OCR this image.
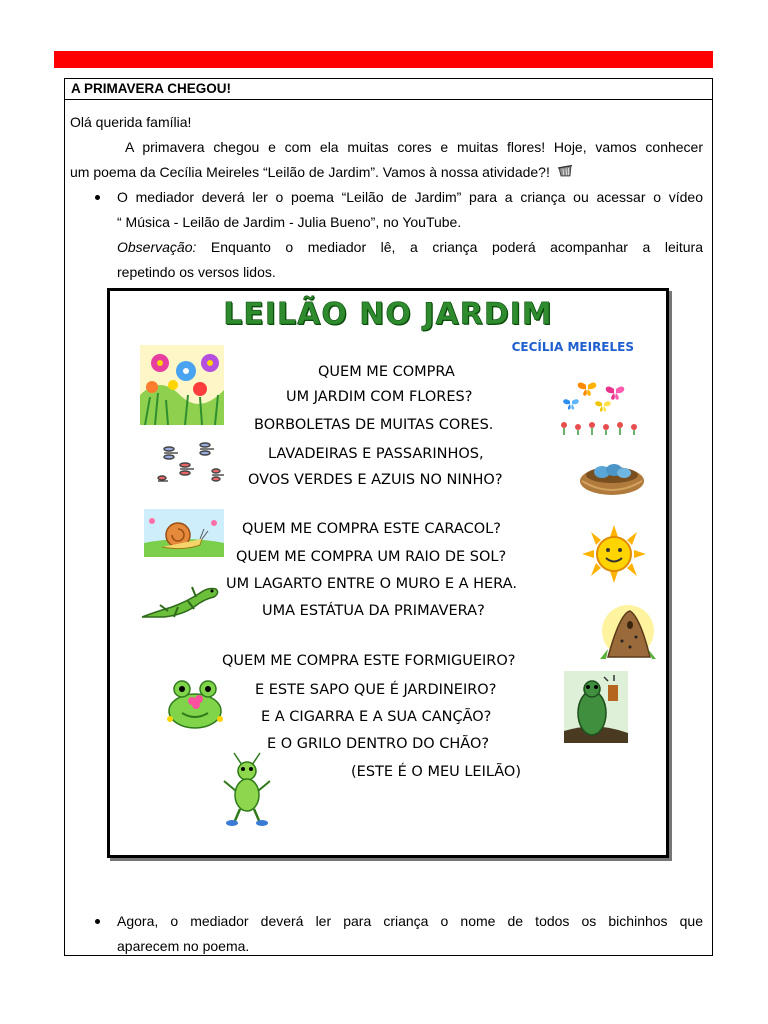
A PRIMAVERA CHEGOU!
Olá querida família!
A primavera chegou e com ela muitas cores e muitas flores! Hoje, vamos conhecer
um poema da Cecília Meireles “Leilão de Jardim”. Vamos à nossa atividade?!
O mediador deverá ler o poema “Leilão de Jardim” para a criança ou acessar o vídeo
“ Música - Leilão de Jardim - Julia Bueno”, no YouTube.
Observação: Enquanto o mediador lê, a criança poderá acompanhar a leitura
repetindo os versos lidos.
LEILÃO NO JARDIM
CECÍLIA MEIRELES
QUEM ME COMPRA
UM JARDIM COM FLORES?
BORBOLETAS DE MUITAS CORES.
LAVADEIRAS E PASSARINHOS,
OVOS VERDES E AZUIS NO NINHO?
QUEM ME COMPRA ESTE CARACOL?
QUEM ME COMPRA UM RAIO DE SOL?
UM LAGARTO ENTRE O MURO E A HERA.
UMA ESTÁTUA DA PRIMAVERA?
QUEM ME COMPRA ESTE FORMIGUEIRO?
E ESTE SAPO QUE É JARDINEIRO?
E A CIGARRA E A SUA CANÇÃO?
E O GRILO DENTRO DO CHÃO?
(ESTE É O MEU LEILÃO)
Agora, o mediador deverá ler para criança o nome de todos os bichinhos que
aparecem no poema.
